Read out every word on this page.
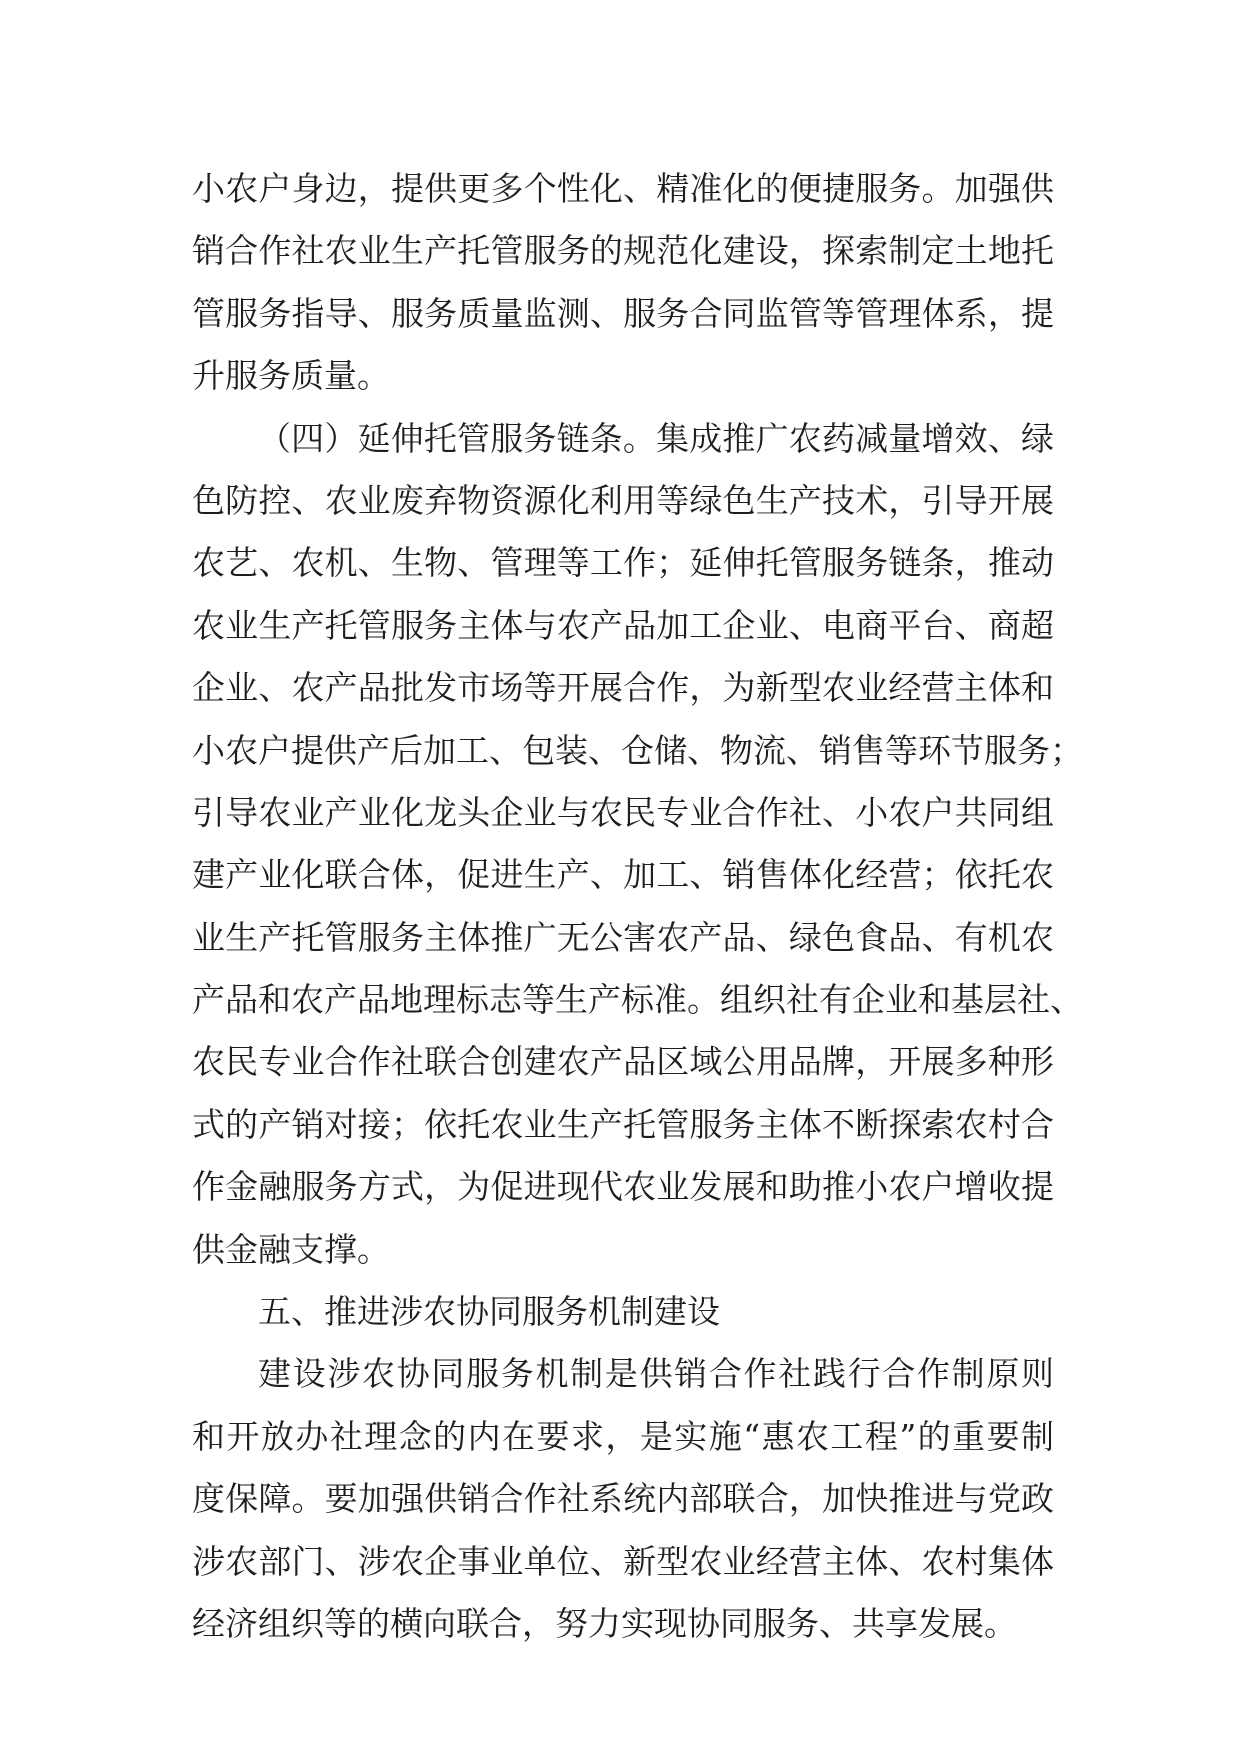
小农户身边，提供更多个性化、精准化的便捷服务。加强供
销合作社农业生产托管服务的规范化建设，探索制定土地托
管服务指导、服务质量监测、服务合同监管等管理体系，提
升服务质量。
（四）延伸托管服务链条。集成推广农药减量增效、绿
色防控、农业废弃物资源化利用等绿色生产技术，引导开展
农艺、农机、生物、管理等工作；延伸托管服务链条，推动
农业生产托管服务主体与农产品加工企业、电商平台、商超
企业、农产品批发市场等开展合作，为新型农业经营主体和
小农户提供产后加工、包装、仓储、物流、销售等环节服务；
引导农业产业化龙头企业与农民专业合作社、小农户共同组
建产业化联合体，促进生产、加工、销售体化经营；依托农
业生产托管服务主体推广无公害农产品、绿色食品、有机农
产品和农产品地理标志等生产标准。组织社有企业和基层社、
农民专业合作社联合创建农产品区域公用品牌，开展多种形
式的产销对接；依托农业生产托管服务主体不断探索农村合
作金融服务方式，为促进现代农业发展和助推小农户增收提
供金融支撑。
五、推进涉农协同服务机制建设
建设涉农协同服务机制是供销合作社践行合作制原则
和开放办社理念的内在要求，是实施“惠农工程”的重要制
度保障。要加强供销合作社系统内部联合，加快推进与党政
涉农部门、涉农企事业单位、新型农业经营主体、农村集体
经济组织等的横向联合，努力实现协同服务、共享发展。
